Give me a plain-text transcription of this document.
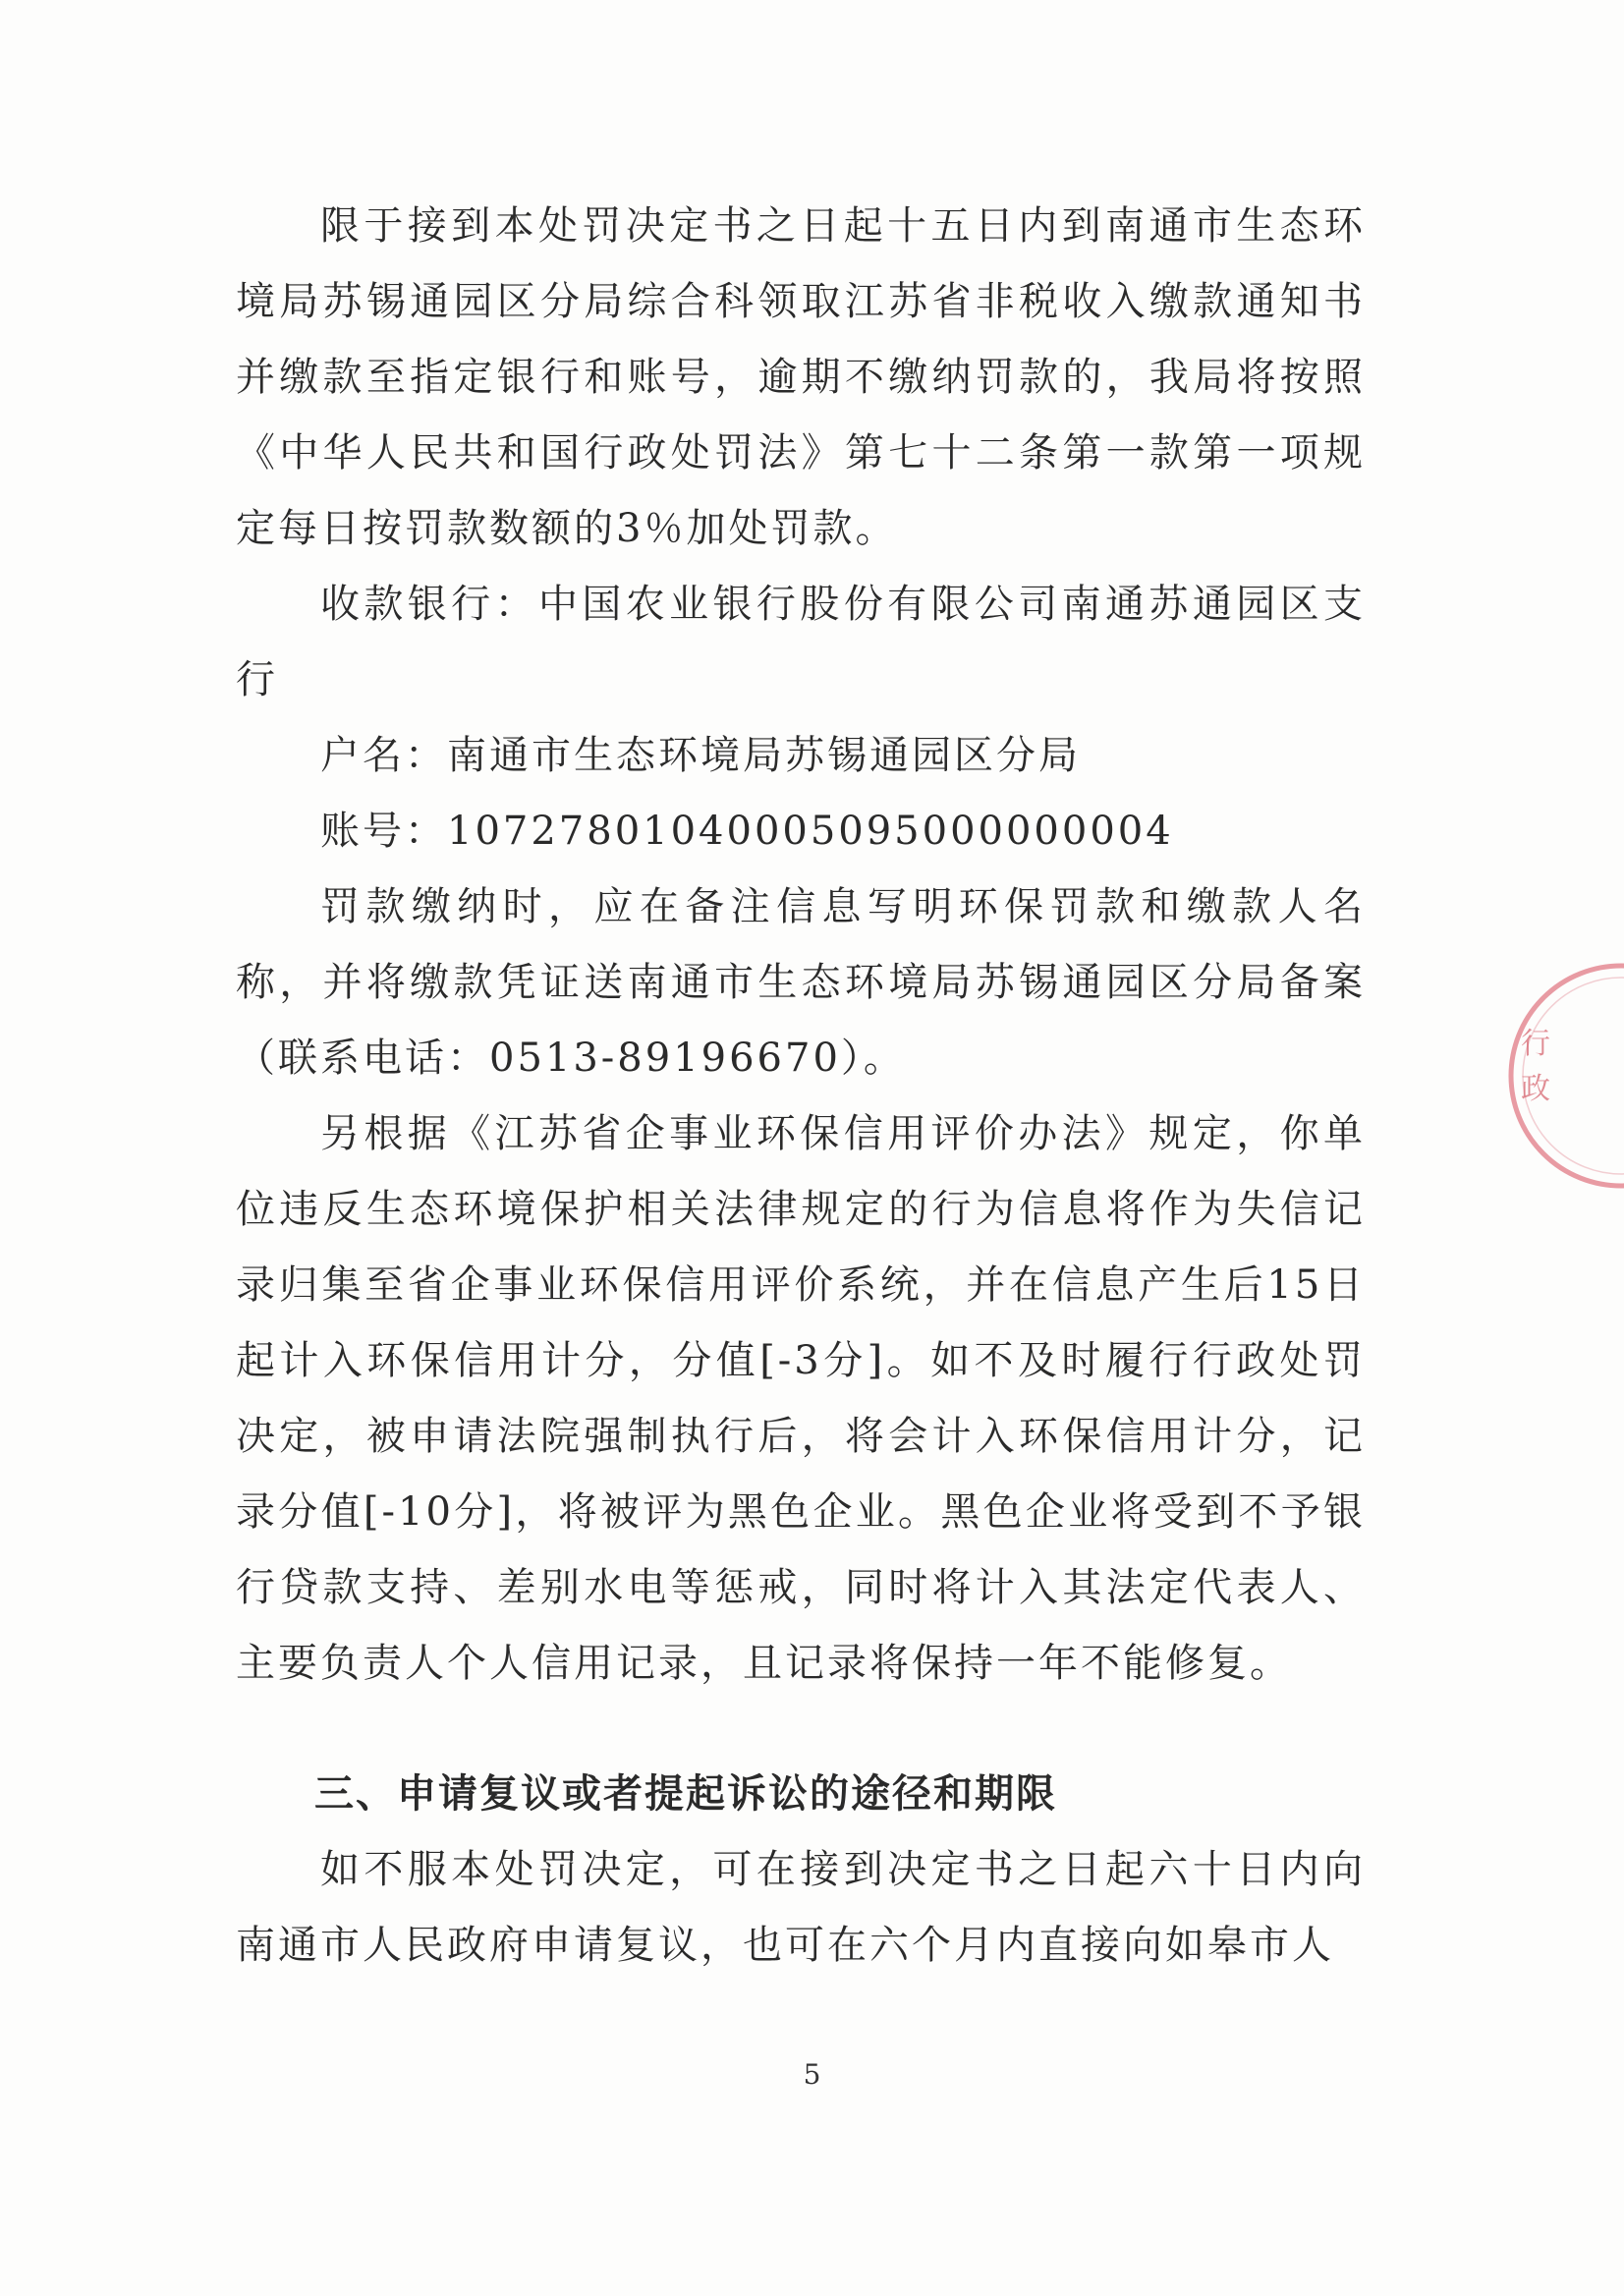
限于接到本处罚决定书之日起十五日内到南通市生态环境局苏锡通园区分局综合科领取江苏省非税收入缴款通知书并缴款至指定银行和账号，逾期不缴纳罚款的，我局将按照《中华人民共和国行政处罚法》第七十二条第一款第一项规定每日按罚款数额的3％加处罚款。

收款银行：中国农业银行股份有限公司南通苏通园区支行

户名：南通市生态环境局苏锡通园区分局

账号：10727801040005095000000004

罚款缴纳时，应在备注信息写明环保罚款和缴款人名称，并将缴款凭证送南通市生态环境局苏锡通园区分局备案（联系电话：0513-89196670）。

另根据《江苏省企事业环保信用评价办法》规定，你单位违反生态环境保护相关法律规定的行为信息将作为失信记录归集至省企事业环保信用评价系统，并在信息产生后15日起计入环保信用计分，分值[-3分]。如不及时履行行政处罚决定，被申请法院强制执行后，将会计入环保信用计分，记录分值[-10分]，将被评为黑色企业。黑色企业将受到不予银行贷款支持、差别水电等惩戒，同时将计入其法定代表人、主要负责人个人信用记录，且记录将保持一年不能修复。

三、申请复议或者提起诉讼的途径和期限

如不服本处罚决定，可在接到决定书之日起六十日内向南通市人民政府申请复议，也可在六个月内直接向如皋市人

行政
5
